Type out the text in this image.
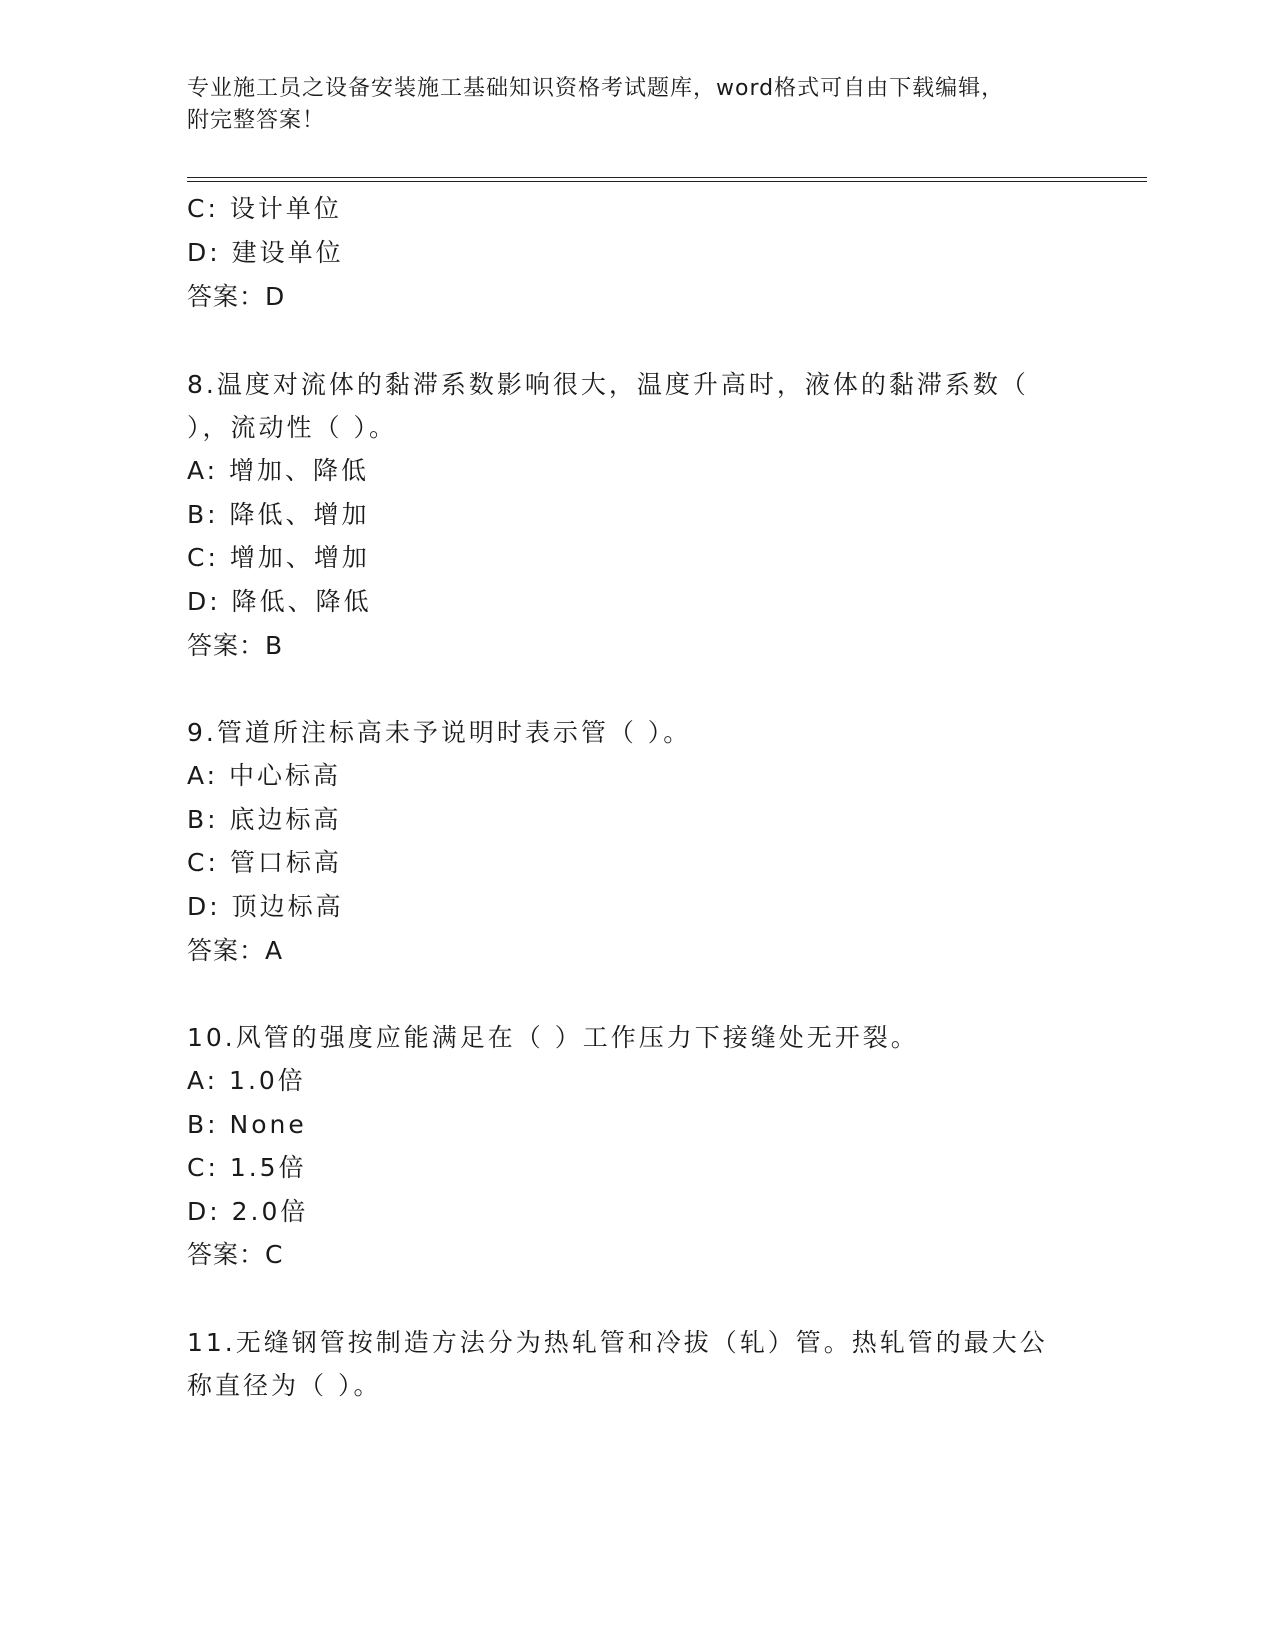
专业施工员之设备安装施工基础知识资格考试题库，word格式可自由下载编辑，
附完整答案！
C: 设计单位
D: 建设单位
答案：D
8.温度对流体的黏滞系数影响很大，温度升高时，液体的黏滞系数（
），流动性（ ）。
A: 增加、降低
B: 降低、增加
C: 增加、增加
D: 降低、降低
答案：B
9.管道所注标高未予说明时表示管（ ）。
A: 中心标高
B: 底边标高
C: 管口标高
D: 顶边标高
答案：A
10.风管的强度应能满足在（ ）工作压力下接缝处无开裂。
A: 1.0倍
B: None
C: 1.5倍
D: 2.0倍
答案：C
11.无缝钢管按制造方法分为热轧管和冷拔（轧）管。热轧管的最大公
称直径为（ ）。
